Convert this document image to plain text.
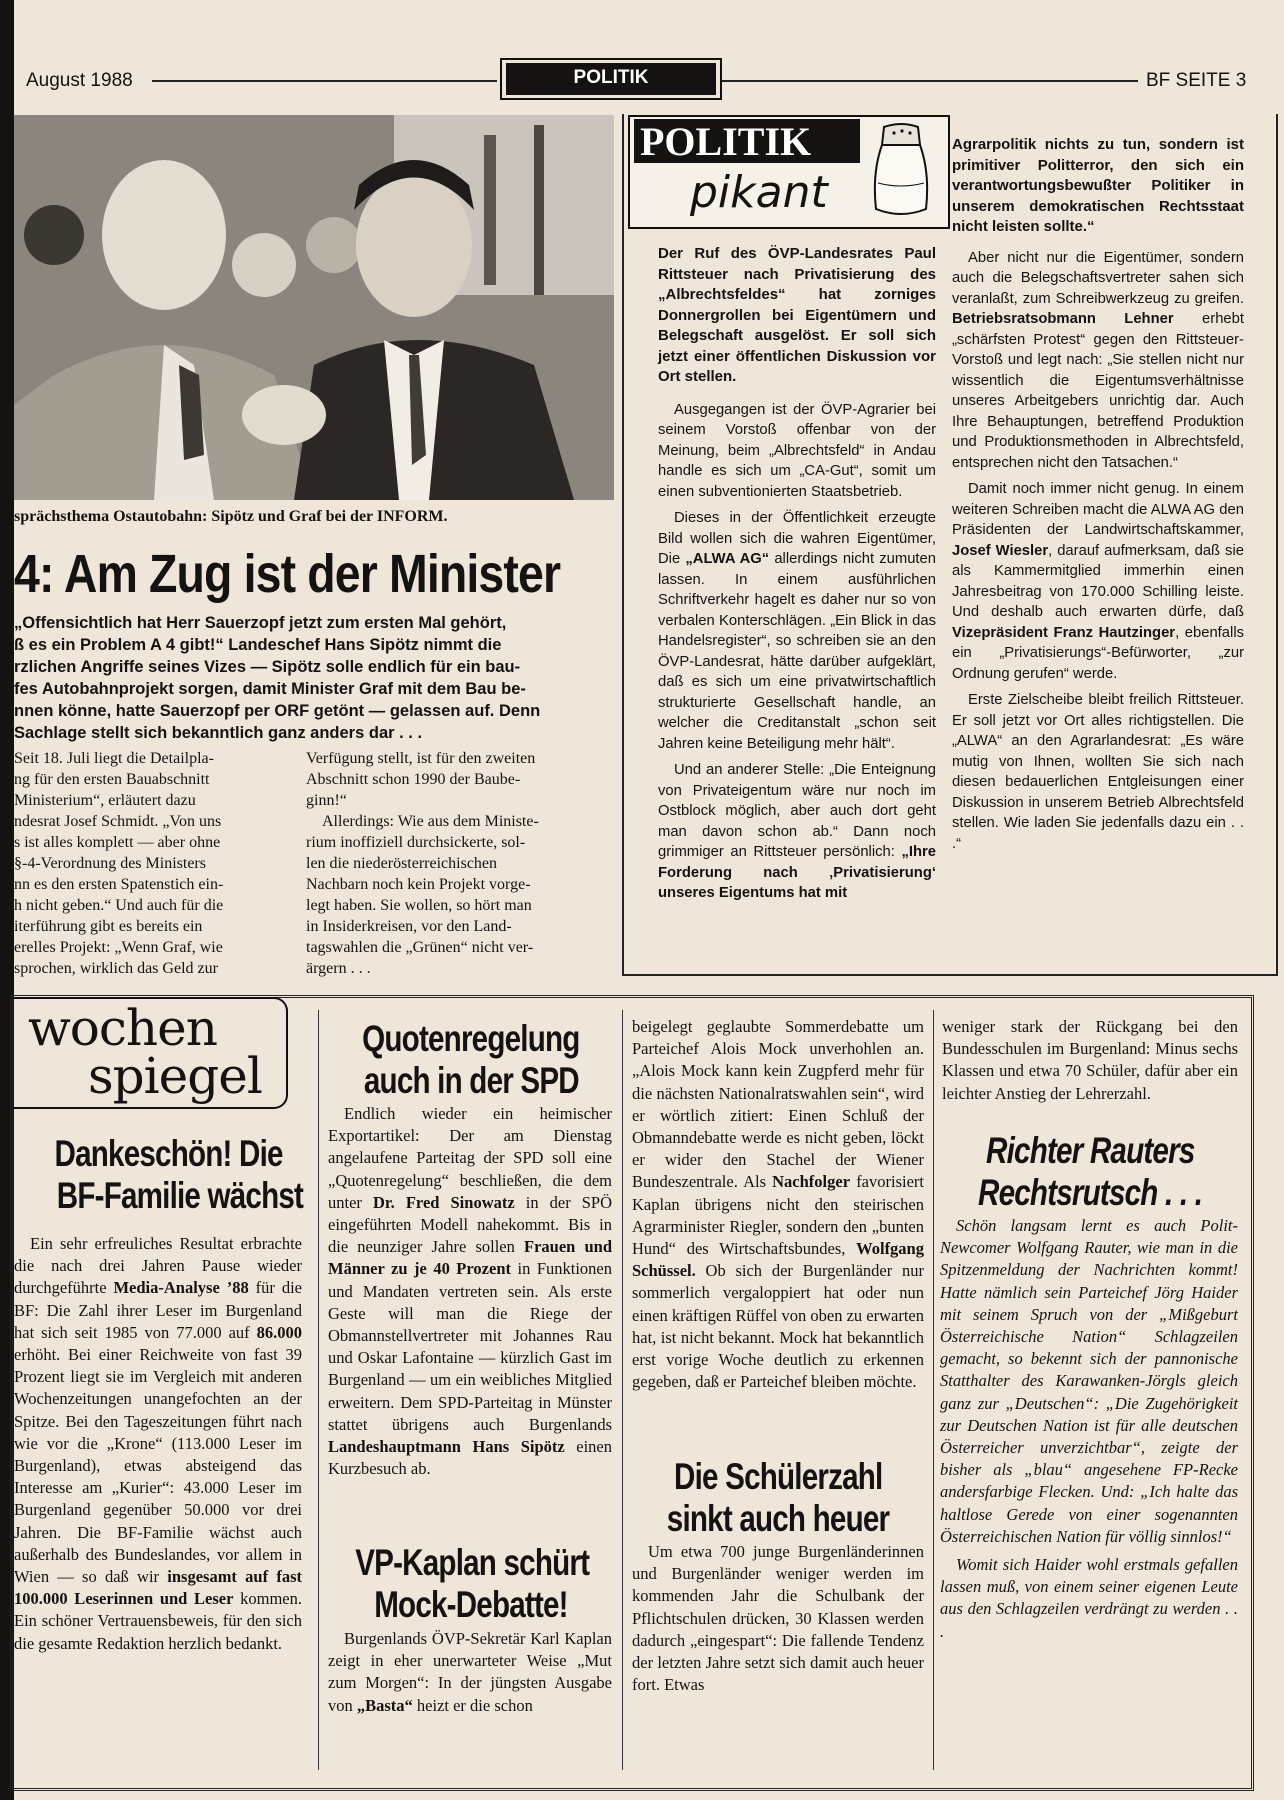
August 1988	POLITIK	BF SEITE 3
sprächsthema Ostautobahn: Sipötz und Graf bei der INFORM.
4: Am Zug ist der Minister

„Offensichtlich hat Herr Sauerzopf jetzt zum ersten Mal gehört,

ß es ein Problem A 4 gibt!“ Landeschef Hans Sipötz nimmt die

rzlichen Angriffe seines Vizes — Sipötz solle endlich für ein bau-

fes Autobahnprojekt sorgen, damit Minister Graf mit dem Bau be-

nnen könne, hatte Sauerzopf per ORF getönt — gelassen auf. Denn

Sachlage stellt sich bekanntlich ganz anders dar . . .

Seit 18. Juli liegt die Detailpla-
ng für den ersten Bauabschnitt
Ministerium“, erläutert dazu
ndesrat Josef Schmidt. „Von uns
s ist alles komplett — aber ohne
§-4-Verordnung des Ministers
nn es den ersten Spatenstich ein-
h nicht geben.“ Und auch für die
iterführung gibt es bereits ein
erelles Projekt: „Wenn Graf, wie
sprochen, wirklich das Geld zur
Verfügung stellt, ist für den zweiten
Abschnitt schon 1990 der Baube-
ginn!“
Allerdings: Wie aus dem Ministe-
rium inoffiziell durchsickerte, sol-
len die niederösterreichischen
Nachbarn noch kein Projekt vorge-
legt haben. Sie wollen, so hört man
in Insiderkreisen, vor den Land-
tagswahlen die „Grünen“ nicht ver-
ärgern . . .
POLITIK
pikant

Der Ruf des ÖVP-Landesrates Paul Rittsteuer nach Privatisierung des „Albrechtsfeldes“ hat zorniges Donnergrollen bei Eigentümern und Belegschaft ausgelöst. Er soll sich jetzt einer öffentlichen Diskussion vor Ort stellen.

Ausgegangen ist der ÖVP-Agrarier bei seinem Vorstoß offenbar von der Meinung, beim „Albrechtsfeld“ in Andau handle es sich um „CA-Gut“, somit um einen subventionierten Staatsbetrieb.

Dieses in der Öffentlichkeit erzeugte Bild wollen sich die wahren Eigentümer, Die „ALWA AG“ allerdings nicht zumuten lassen. In einem ausführlichen Schriftverkehr hagelt es daher nur so von verbalen Konterschlägen. „Ein Blick in das Handelsregister“, so schreiben sie an den ÖVP-Landesrat, hätte darüber aufgeklärt, daß es sich um eine privatwirtschaftlich strukturierte Gesellschaft handle, an welcher die Creditanstalt „schon seit Jahren keine Beteiligung mehr hält“.

Und an anderer Stelle: „Die Enteignung von Privateigentum wäre nur noch im Ostblock möglich, aber auch dort geht man davon schon ab.“ Dann noch grimmiger an Rittsteuer persönlich: „Ihre Forderung nach ‚Privatisierung‘ unseres Eigentums hat mit

Agrarpolitik nichts zu tun, sondern ist primitiver Politterror, den sich ein verantwortungsbewußter Politiker in unserem demokratischen Rechtsstaat nicht leisten sollte.“

Aber nicht nur die Eigentümer, sondern auch die Belegschaftsvertreter sahen sich veranlaßt, zum Schreibwerkzeug zu greifen. Betriebsratsobmann Lehner erhebt „schärfsten Protest“ gegen den Rittsteuer-Vorstoß und legt nach: „Sie stellen nicht nur wissentlich die Eigentumsverhältnisse unseres Arbeitgebers unrichtig dar. Auch Ihre Behauptungen, betreffend Produktion und Produktionsmethoden in Albrechtsfeld, entsprechen nicht den Tatsachen.“

Damit noch immer nicht genug. In einem weiteren Schreiben macht die ALWA AG den Präsidenten der Landwirtschaftskammer, Josef Wiesler, darauf aufmerksam, daß sie als Kammermitglied immerhin einen Jahresbeitrag von 170.000 Schilling leiste. Und deshalb auch erwarten dürfe, daß Vizepräsident Franz Hautzinger, ebenfalls ein „Privatisierungs“-Befürworter, „zur Ordnung gerufen“ werde.

Erste Zielscheibe bleibt freilich Rittsteuer. Er soll jetzt vor Ort alles richtigstellen. Die „ALWA“ an den Agrarlandesrat: „Es wäre mutig von Ihnen, wollten Sie sich nach diesen bedauerlichen Entgleisungen einer Diskussion in unserem Betrieb Albrechtsfeld stellen. Wie laden Sie jedenfalls dazu ein . . .“

wochen
spiegel
Dankeschön! Die
BF-Familie wächst

Ein sehr erfreuliches Resultat erbrachte die nach drei Jahren Pause wieder durchgeführte Media-Analyse ’88 für die BF: Die Zahl ihrer Leser im Burgenland hat sich seit 1985 von 77.000 auf 86.000 erhöht. Bei einer Reichweite von fast 39 Prozent liegt sie im Vergleich mit anderen Wochenzeitungen unangefochten an der Spitze. Bei den Tageszeitungen führt nach wie vor die „Krone“ (113.000 Leser im Burgenland), etwas absteigend das Interesse am „Kurier“: 43.000 Leser im Burgenland gegenüber 50.000 vor drei Jahren. Die BF-Familie wächst auch außerhalb des Bundeslandes, vor allem in Wien — so daß wir insgesamt auf fast 100.000 Leserinnen und Leser kommen. Ein schöner Vertrauensbeweis, für den sich die gesamte Redaktion herzlich bedankt.

Quotenregelung
auch in der SPD

Endlich wieder ein heimischer Exportartikel: Der am Dienstag angelaufene Parteitag der SPD soll eine „Quotenregelung“ beschließen, die dem unter Dr. Fred Sinowatz in der SPÖ eingeführten Modell nahekommt. Bis in die neunziger Jahre sollen Frauen und Männer zu je 40 Prozent in Funktionen und Mandaten vertreten sein. Als erste Geste will man die Riege der Obmannstellvertreter mit Johannes Rau und Oskar Lafontaine — kürzlich Gast im Burgenland — um ein weibliches Mitglied erweitern. Dem SPD-Parteitag in Münster stattet übrigens auch Burgenlands Landeshauptmann Hans Sipötz einen Kurzbesuch ab.

VP-Kaplan schürt
Mock-Debatte!

Burgenlands ÖVP-Sekretär Karl Kaplan zeigt in eher unerwarteter Weise „Mut zum Morgen“: In der jüngsten Ausgabe von „Basta“ heizt er die schon

beigelegt geglaubte Sommerdebatte um Parteichef Alois Mock unverhohlen an. „Alois Mock kann kein Zugpferd mehr für die nächsten Nationalratswahlen sein“, wird er wörtlich zitiert: Einen Schluß der Obmanndebatte werde es nicht geben, löckt er wider den Stachel der Wiener Bundeszentrale. Als Nachfolger favorisiert Kaplan übrigens nicht den steirischen Agrarminister Riegler, sondern den „bunten Hund“ des Wirtschaftsbundes, Wolfgang Schüssel. Ob sich der Burgenländer nur sommerlich vergaloppiert hat oder nun einen kräftigen Rüffel von oben zu erwarten hat, ist nicht bekannt. Mock hat bekanntlich erst vorige Woche deutlich zu erkennen gegeben, daß er Parteichef bleiben möchte.

Die Schülerzahl
sinkt auch heuer

Um etwa 700 junge Burgenländerinnen und Burgenländer weniger werden im kommenden Jahr die Schulbank der Pflichtschulen drücken, 30 Klassen werden dadurch „eingespart“: Die fallende Tendenz der letzten Jahre setzt sich damit auch heuer fort. Etwas

weniger stark der Rückgang bei den Bundesschulen im Burgenland: Minus sechs Klassen und etwa 70 Schüler, dafür aber ein leichter Anstieg der Lehrerzahl.

Richter Rauters
Rechtsrutsch . . .

Schön langsam lernt es auch Polit-Newcomer Wolfgang Rauter, wie man in die Spitzenmeldung der Nachrichten kommt! Hatte nämlich sein Parteichef Jörg Haider mit seinem Spruch von der „Mißgeburt Österreichische Nation“ Schlagzeilen gemacht, so bekennt sich der pannonische Statthalter des Karawanken-Jörgls gleich ganz zur „Deutschen“: „Die Zugehörigkeit zur Deutschen Nation ist für alle deutschen Österreicher unverzichtbar“, zeigte der bisher als „blau“ angesehene FP-Recke andersfarbige Flecken. Und: „Ich halte das haltlose Gerede von einer sogenannten Österreichischen Nation für völlig sinnlos!“

Womit sich Haider wohl erstmals gefallen lassen muß, von einem seiner eigenen Leute aus den Schlagzeilen verdrängt zu werden . . .
